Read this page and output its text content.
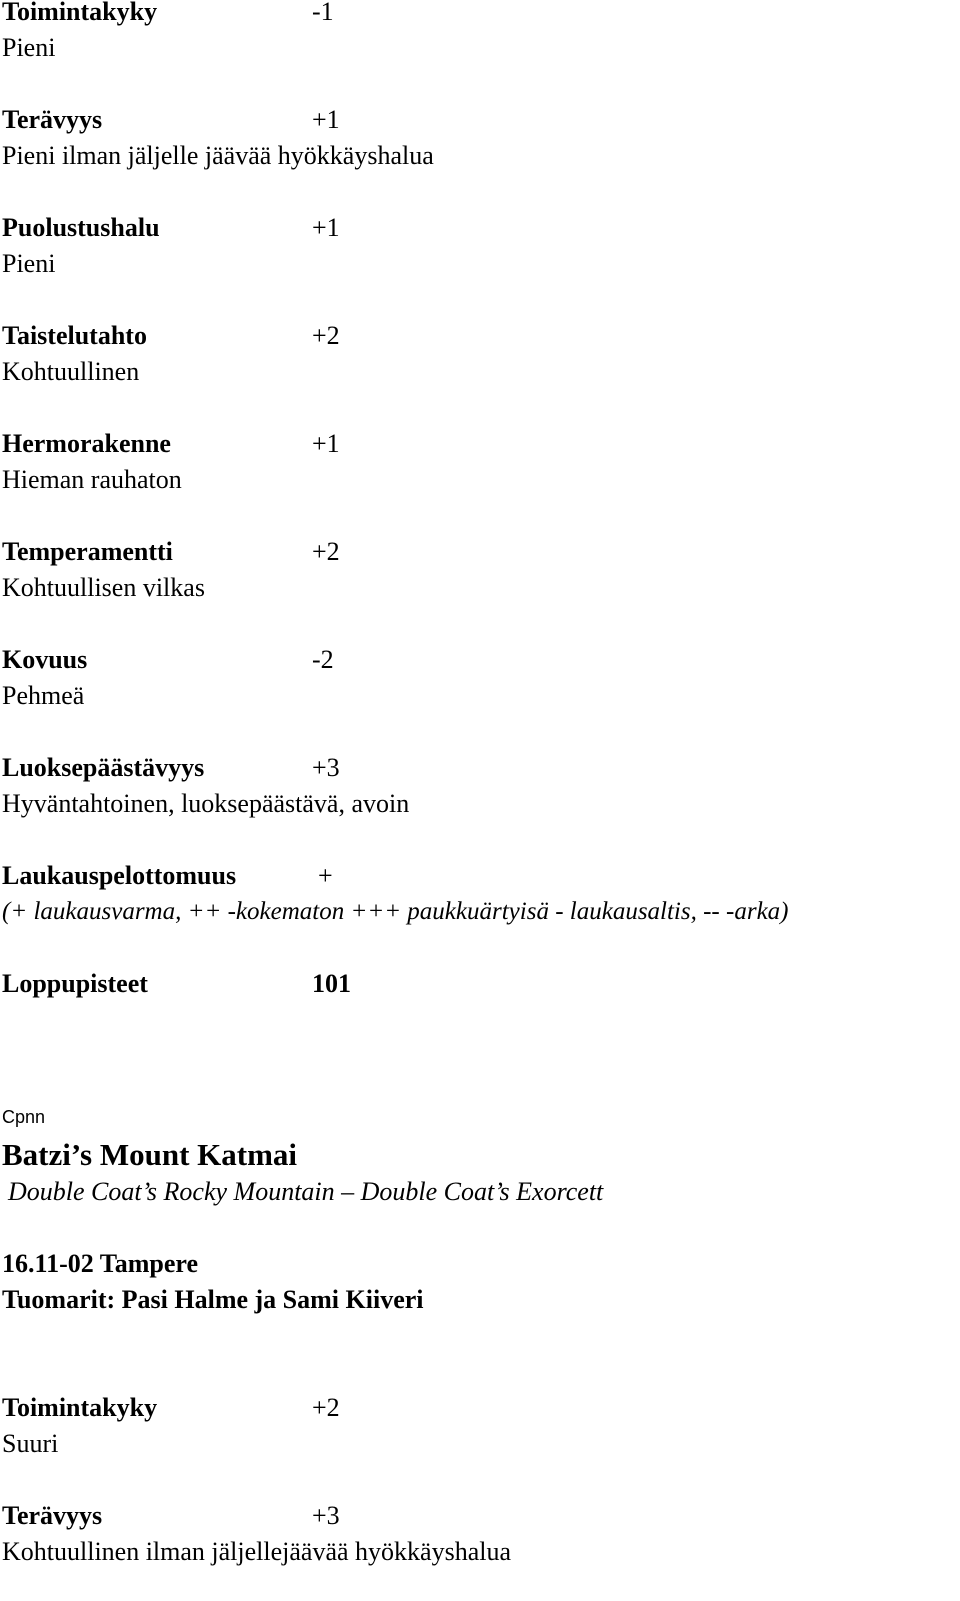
Toimintakyky	-1
Pieni
Terävyys	+1
Pieni ilman jäljelle jäävää hyökkäyshalua
Puolustushalu	+1
Pieni
Taistelutahto	+2
Kohtuullinen
Hermorakenne	+1
Hieman rauhaton
Temperamentti	+2
Kohtuullisen vilkas
Kovuus	-2
Pehmeä
Luoksepäästävyys	+3
Hyväntahtoinen, luoksepäästävä, avoin
Laukauspelottomuus	+
(+ laukausvarma, ++ -kokematon +++ paukkuärtyisä - laukausaltis, -- -arka)
Loppupisteet	101
Cpnn
Batzi’s Mount Katmai
Double Coat’s Rocky Mountain – Double Coat’s Exorcett
16.11-02 Tampere
Tuomarit: Pasi Halme ja Sami Kiiveri
Toimintakyky	+2
Suuri
Terävyys	+3
Kohtuullinen ilman jäljellejäävää hyökkäyshalua
